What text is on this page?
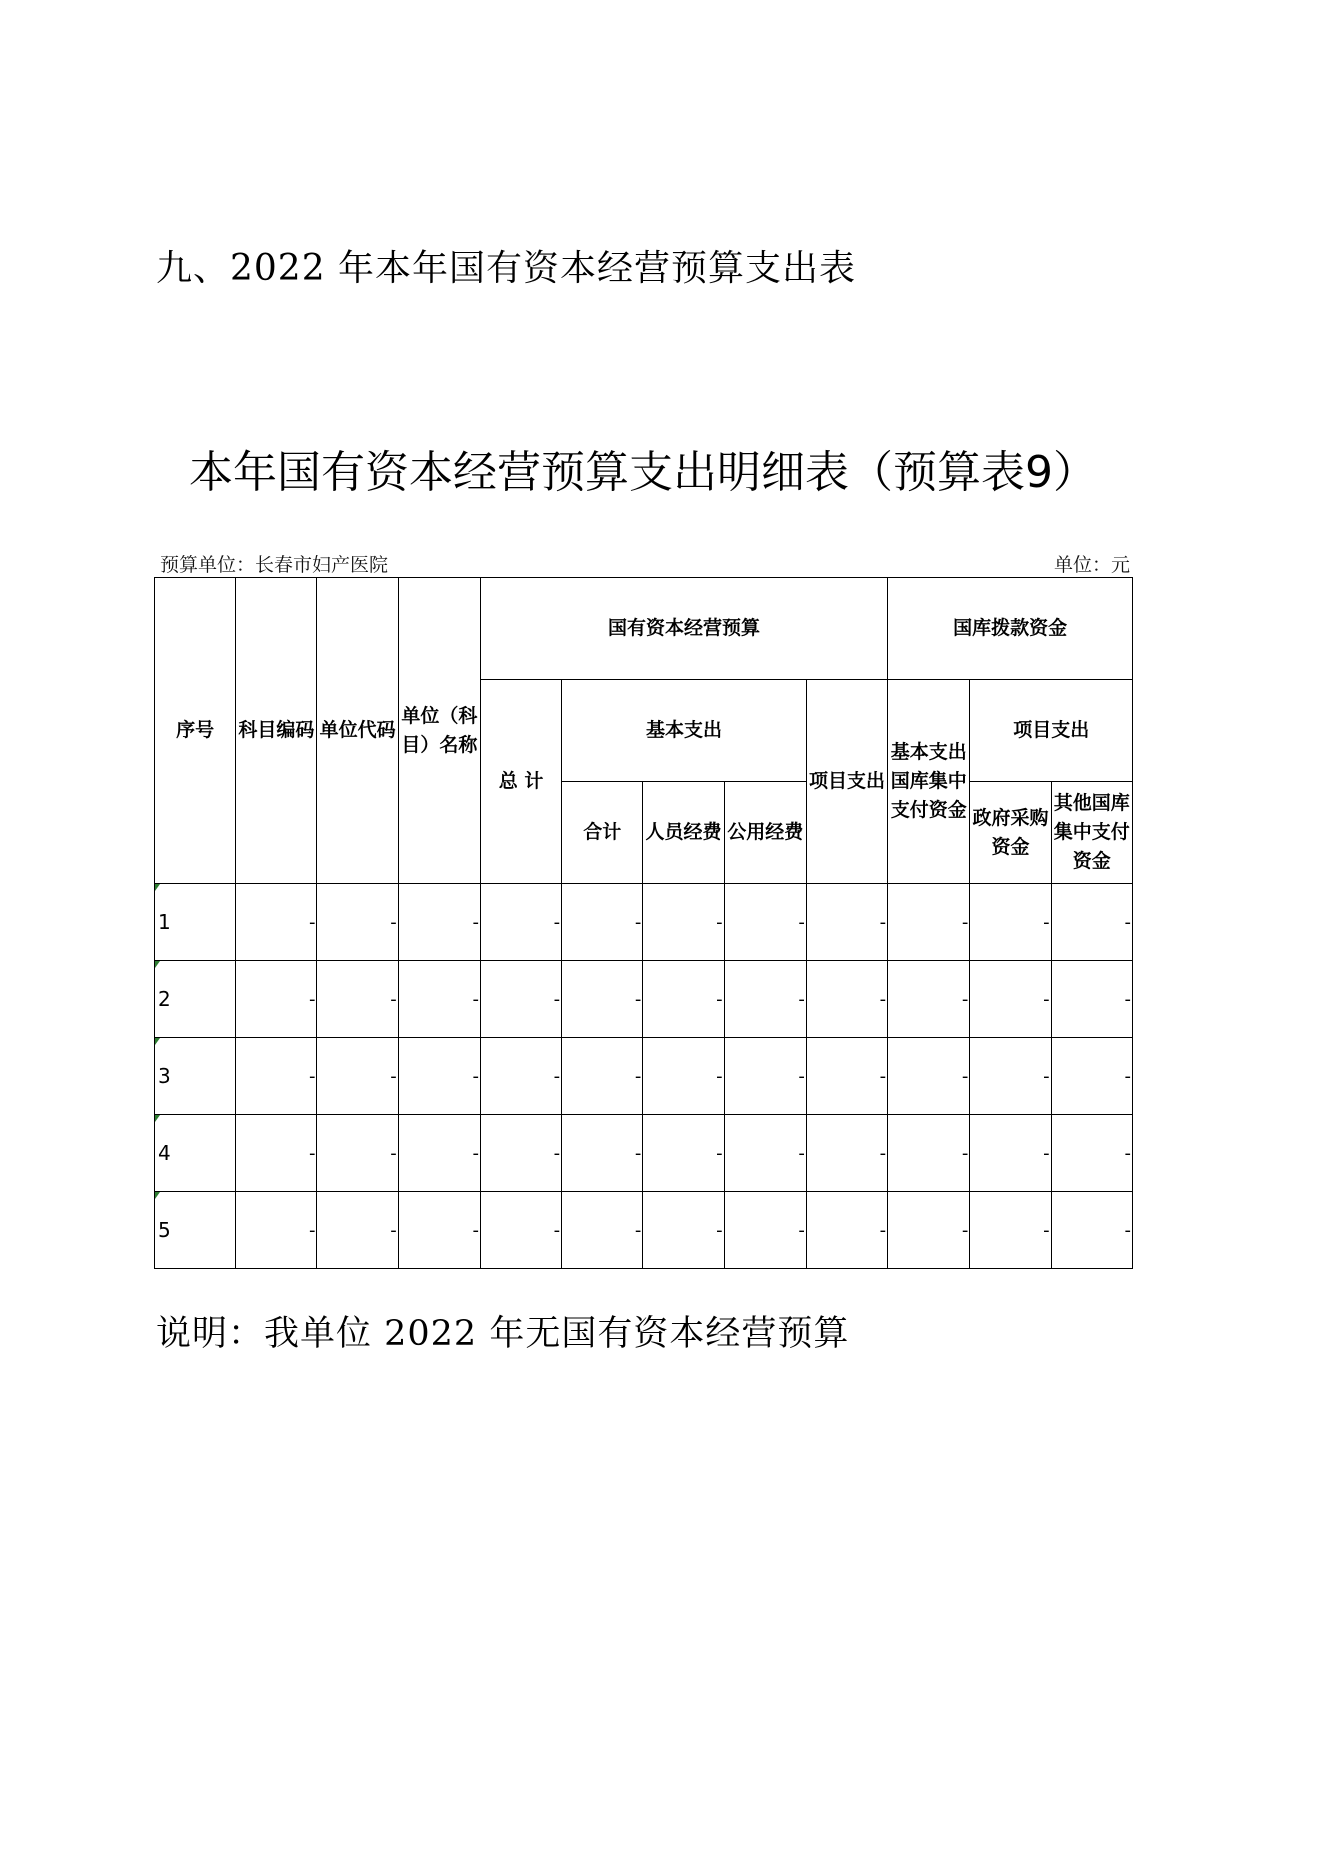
九、2022 年本年国有资本经营预算支出表
本年国有资本经营预算支出明细表（预算表9）
预算单位：长春市妇产医院	单位：元
序号	科目编码	单位代码	单位（科目）名称	国有资本经营预算					国库拨款资金		
				总 计	基本支出			项目支出	基本支出国库集中支付资金	项目支出	
					合计	人员经费	公用经费			政府采购资金	其他国库集中支付资金
1	-	-	-	-	-	-	-	-	-	-	-
2	-	-	-	-	-	-	-	-	-	-	-
3	-	-	-	-	-	-	-	-	-	-	-
4	-	-	-	-	-	-	-	-	-	-	-
5	-	-	-	-	-	-	-	-	-	-	-
说明：我单位 2022 年无国有资本经营预算
